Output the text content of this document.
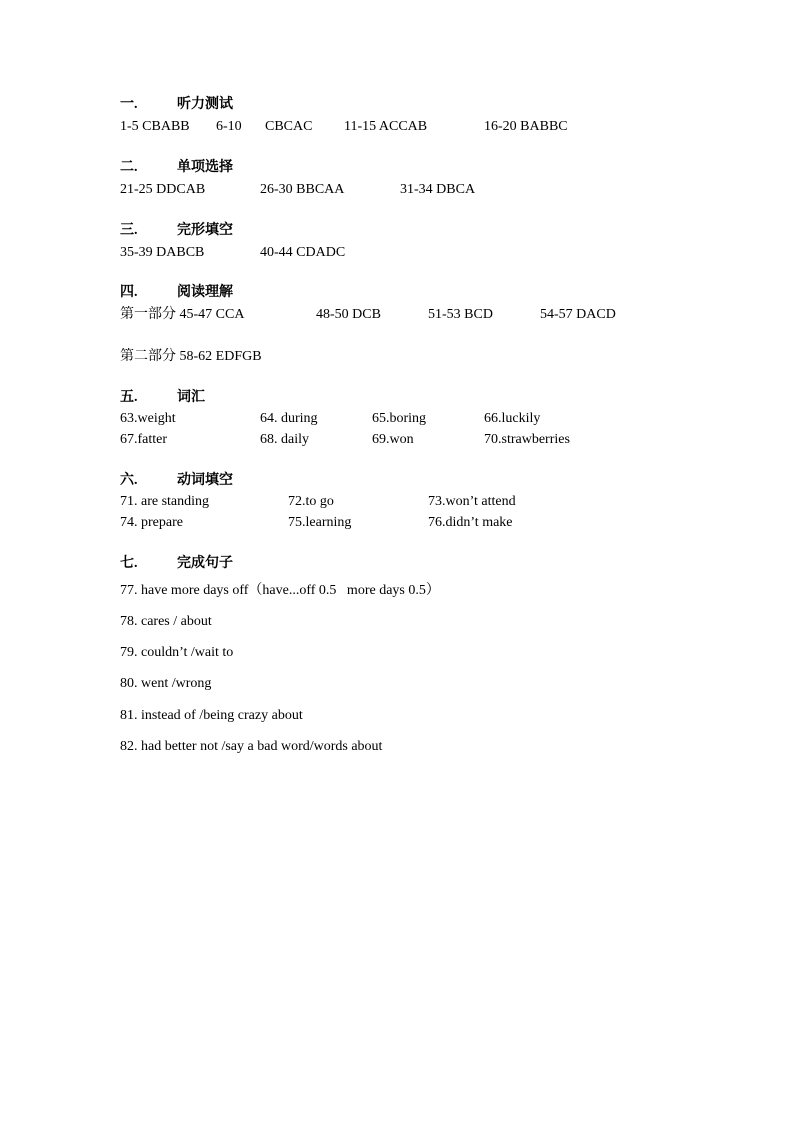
一.	听力测试
1-5 CBABB 6-10 CBCAC 11-15 ACCAB	16-20 BABBC
二.	单项选择
21-25 DDCAB	26-30 BBCAA	31-34 DBCA
三.	完形填空
35-39 DABCB	40-44 CDADC
四.	阅读理解
第一部分 45-47 CCA	48-50 DCB	51-53 BCD	54-57 DACD
第二部分 58-62 EDFGB
五.	词汇
63.weight	64. during	65.boring	66.luckily
67.fatter	68. daily	69.won	70.strawberries
六.	动词填空
71. are standing	72.to go	73.won’t attend
74. prepare	75.learning	76.didn’t make
七.	完成句子
77. have more days off（have...off 0.5   more days 0.5）
78. cares / about
79. couldn’t /wait to
80. went /wrong
81. instead of /being crazy about
82. had better not /say a bad word/words about
